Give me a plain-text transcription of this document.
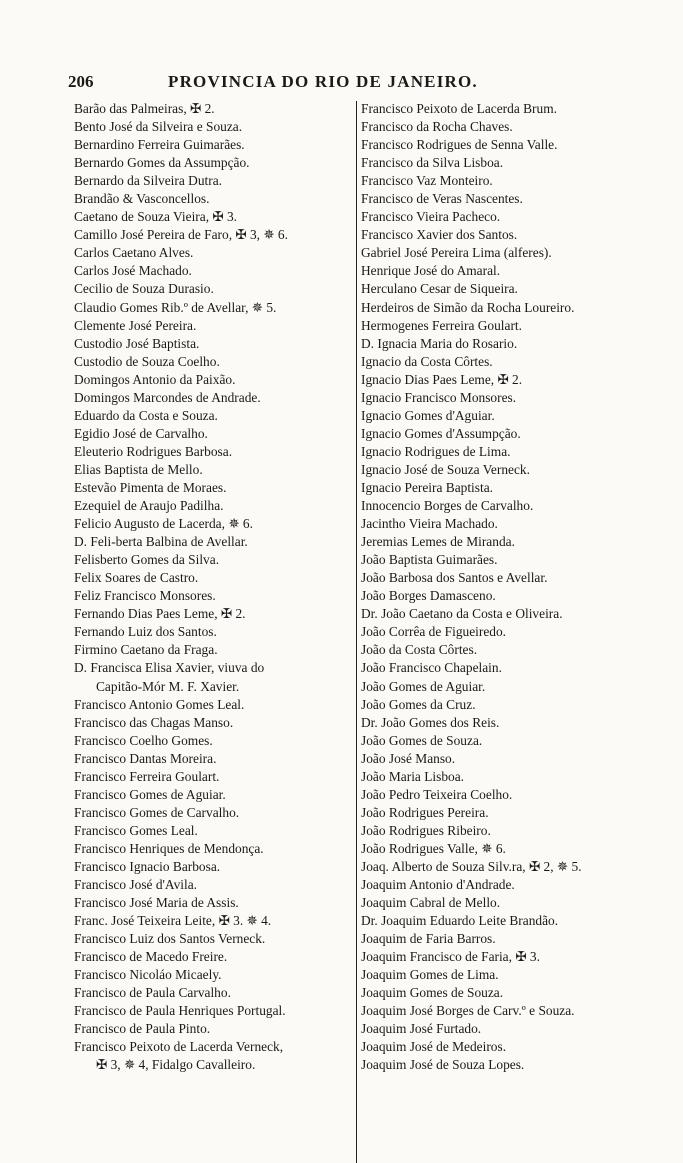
206	PROVINCIA DO RIO DE JANEIRO.
Barão das Palmeiras, ✠ 2.
Bento José da Silveira e Souza.
Bernardino Ferreira Guimarães.
Bernardo Gomes da Assumpção.
Bernardo da Silveira Dutra.
Brandão & Vasconcellos.
Caetano de Souza Vieira, ✠ 3.
Camillo José Pereira de Faro, ✠ 3, ✵ 6.
Carlos Caetano Alves.
Carlos José Machado.
Cecilio de Souza Durasio.
Claudio Gomes Rib.º de Avellar, ✵ 5.
Clemente José Pereira.
Custodio José Baptista.
Custodio de Souza Coelho.
Domingos Antonio da Paixão.
Domingos Marcondes de Andrade.
Eduardo da Costa e Souza.
Egidio José de Carvalho.
Eleuterio Rodrigues Barbosa.
Elias Baptista de Mello.
Estevão Pimenta de Moraes.
Ezequiel de Araujo Padilha.
Felicio Augusto de Lacerda, ✵ 6.
D. Feli-berta Balbina de Avellar.
Felisberto Gomes da Silva.
Felix Soares de Castro.
Feliz Francisco Monsores.
Fernando Dias Paes Leme, ✠ 2.
Fernando Luiz dos Santos.
Firmino Caetano da Fraga.
D. Francisca Elisa Xavier, viuva do
Capitão-Mór M. F. Xavier.
Francisco Antonio Gomes Leal.
Francisco das Chagas Manso.
Francisco Coelho Gomes.
Francisco Dantas Moreira.
Francisco Ferreira Goulart.
Francisco Gomes de Aguiar.
Francisco Gomes de Carvalho.
Francisco Gomes Leal.
Francisco Henriques de Mendonça.
Francisco Ignacio Barbosa.
Francisco José d'Avila.
Francisco José Maria de Assis.
Franc. José Teixeira Leite, ✠ 3. ✵ 4.
Francisco Luiz dos Santos Verneck.
Francisco de Macedo Freire.
Francisco Nicoláo Micaely.
Francisco de Paula Carvalho.
Francisco de Paula Henriques Portugal.
Francisco de Paula Pinto.
Francisco Peixoto de Lacerda Verneck,
✠ 3, ✵ 4, Fidalgo Cavalleiro.
Francisco Peixoto de Lacerda Brum.
Francisco da Rocha Chaves.
Francisco Rodrigues de Senna Valle.
Francisco da Silva Lisboa.
Francisco Vaz Monteiro.
Francisco de Veras Nascentes.
Francisco Vieira Pacheco.
Francisco Xavier dos Santos.
Gabriel José Pereira Lima (alferes).
Henrique José do Amaral.
Herculano Cesar de Siqueira.
Herdeiros de Simão da Rocha Loureiro.
Hermogenes Ferreira Goulart.
D. Ignacia Maria do Rosario.
Ignacio da Costa Côrtes.
Ignacio Dias Paes Leme, ✠ 2.
Ignacio Francisco Monsores.
Ignacio Gomes d'Aguiar.
Ignacio Gomes d'Assumpção.
Ignacio Rodrigues de Lima.
Ignacio José de Souza Verneck.
Ignacio Pereira Baptista.
Innocencio Borges de Carvalho.
Jacintho Vieira Machado.
Jeremias Lemes de Miranda.
João Baptista Guimarães.
João Barbosa dos Santos e Avellar.
João Borges Damasceno.
Dr. João Caetano da Costa e Oliveira.
João Corrêa de Figueiredo.
João da Costa Côrtes.
João Francisco Chapelain.
João Gomes de Aguiar.
João Gomes da Cruz.
Dr. João Gomes dos Reis.
João Gomes de Souza.
João José Manso.
João Maria Lisboa.
João Pedro Teixeira Coelho.
João Rodrigues Pereira.
João Rodrigues Ribeiro.
João Rodrigues Valle, ✵ 6.
Joaq. Alberto de Souza Silv.ra, ✠ 2, ✵ 5.
Joaquim Antonio d'Andrade.
Joaquim Cabral de Mello.
Dr. Joaquim Eduardo Leite Brandão.
Joaquim de Faria Barros.
Joaquim Francisco de Faria, ✠ 3.
Joaquim Gomes de Lima.
Joaquim Gomes de Souza.
Joaquim José Borges de Carv.º e Souza.
Joaquim José Furtado.
Joaquim José de Medeiros.
Joaquim José de Souza Lopes.
